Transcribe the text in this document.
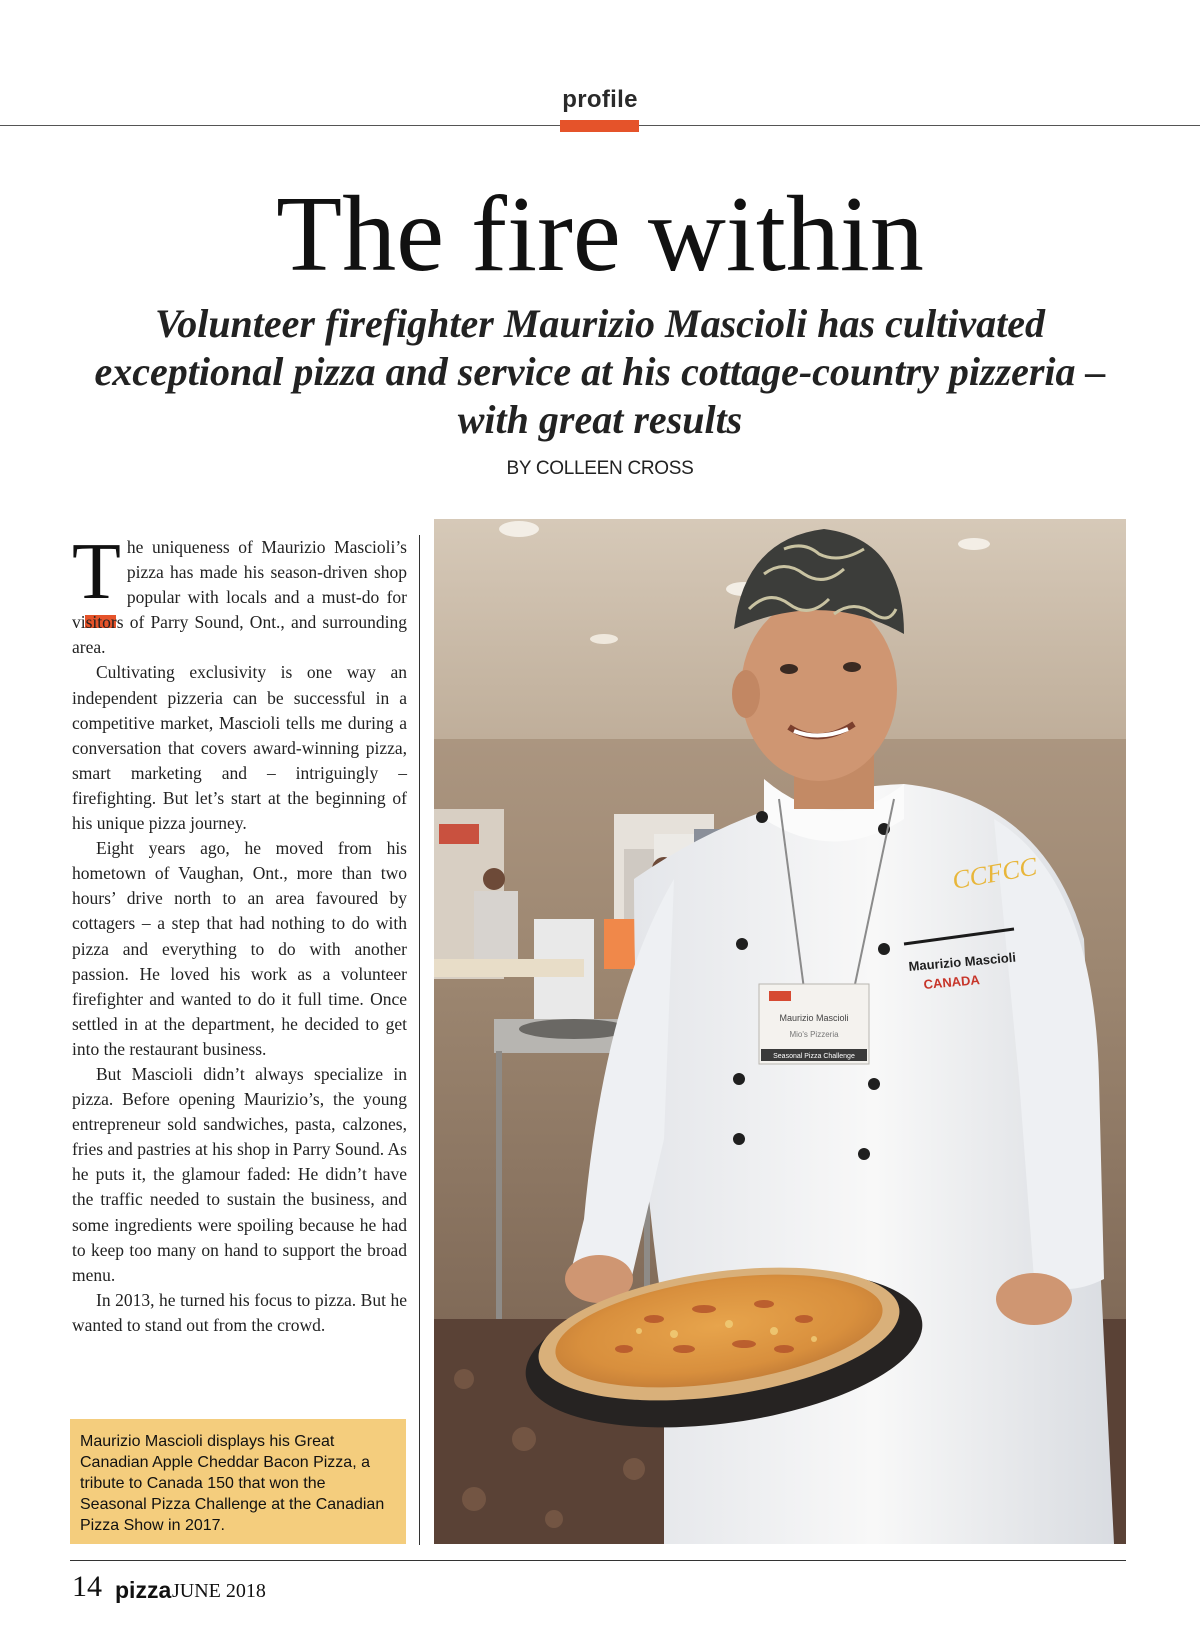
profile
The fire within
Volunteer firefighter Maurizio Mascioli has cultivated exceptional pizza and service at his cottage-country pizzeria – with great results
BY COLLEEN CROSS

The uniqueness of Maurizio Mascioli’s pizza has made his season-driven shop popular with locals and a must-do for visitors of Parry Sound, Ont., and surrounding area.

Cultivating exclusivity is one way an independent pizzeria can be successful in a competitive market, Mascioli tells me during a conversation that covers award-winning pizza, smart marketing and – intriguingly – firefighting. But let’s start at the beginning of his unique pizza journey.

Eight years ago, he moved from his hometown of Vaughan, Ont., more than two hours’ drive north to an area favoured by cottagers – a step that had nothing to do with pizza and everything to do with another passion. He loved his work as a volunteer firefighter and wanted to do it full time. Once settled in at the department, he decided to get into the restaurant business.

But Mascioli didn’t always specialize in pizza. Before opening Maurizio’s, the young entrepreneur sold sandwiches, pasta, calzones, fries and pastries at his shop in Parry Sound. As he puts it, the glamour faded: He didn’t have the traffic needed to sustain the business, and some ingredients were spoiling because he had to keep too many on hand to support the broad menu.

In 2013, he turned his focus to pizza. But he wanted to stand out from the crowd.

Maurizio Mascioli displays his Great Canadian Apple Cheddar Bacon Pizza, a tribute to Canada 150 that won the Seasonal Pizza Challenge at the Canadian Pizza Show in 2017.
Maurizio Mascioli
Mio's Pizzeria
Seasonal Pizza Challenge
CCFCC
Maurizio Mascioli
CANADA
14 pizza JUNE 2018
